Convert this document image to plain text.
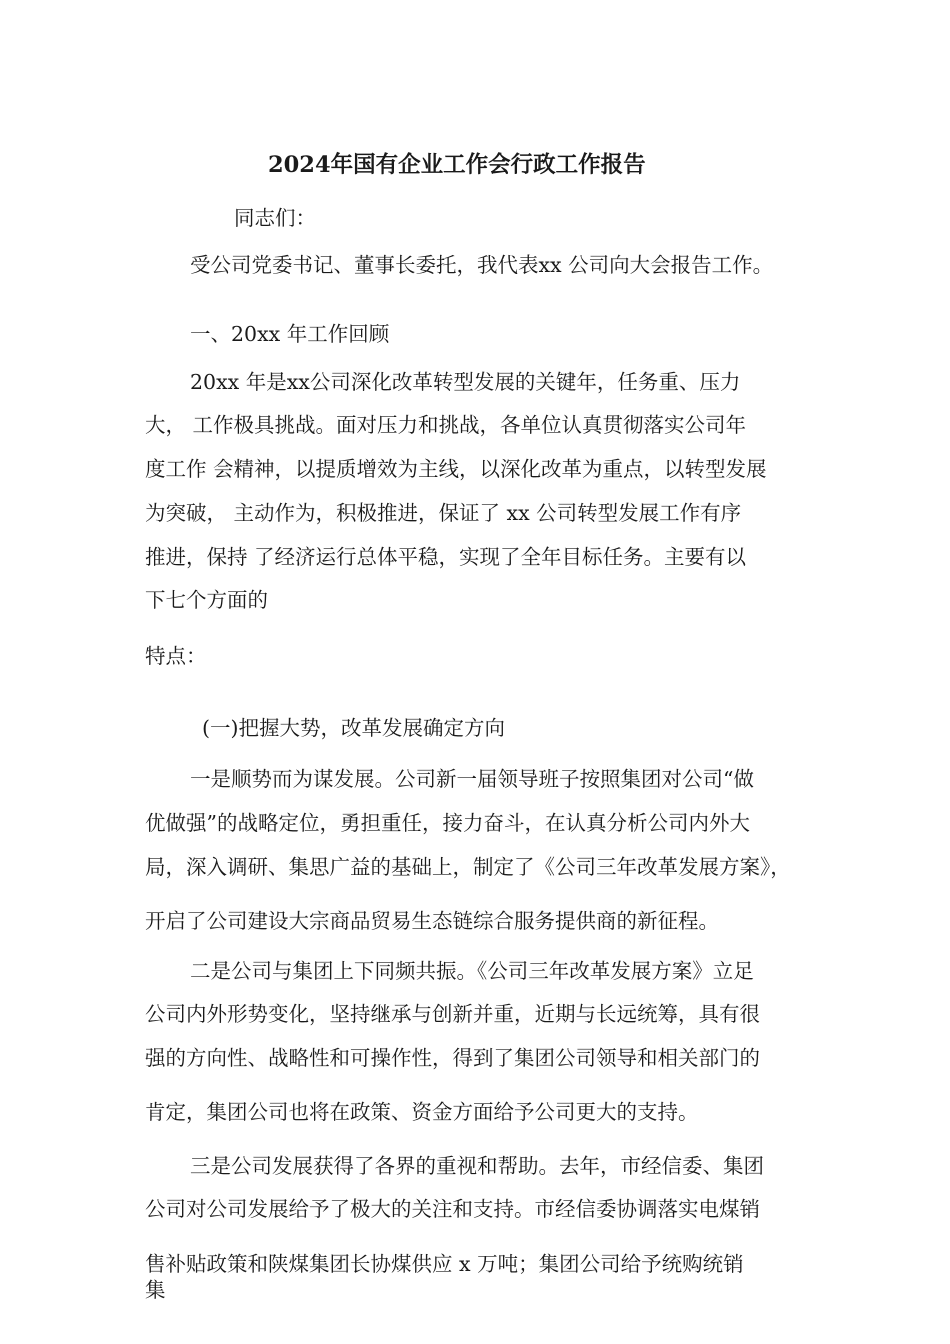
2024年国有企业工作会行政工作报告
同志们：
受公司党委书记、董事长委托，我代表xx 公司向大会报告工作。
一、20xx 年工作回顾
20xx 年是xx公司深化改革转型发展的关键年，任务重、压力
大， 工作极具挑战。面对压力和挑战，各单位认真贯彻落实公司年
度工作 会精神，以提质增效为主线，以深化改革为重点，以转型发展
为突破， 主动作为，积极推进，保证了 xx 公司转型发展工作有序
推进，保持 了经济运行总体平稳，实现了全年目标任务。主要有以
下七个方面的
特点：
(一)把握大势，改革发展确定方向
一是顺势而为谋发展。公司新一届领导班子按照集团对公司“做
优做强”的战略定位，勇担重任，接力奋斗，在认真分析公司内外大
局，深入调研、集思广益的基础上，制定了《公司三年改革发展方案》，
开启了公司建设大宗商品贸易生态链综合服务提供商的新征程。
二是公司与集团上下同频共振。《公司三年改革发展方案》立足
公司内外形势变化，坚持继承与创新并重，近期与长远统筹，具有很
强的方向性、战略性和可操作性，得到了集团公司领导和相关部门的
肯定，集团公司也将在政策、资金方面给予公司更大的支持。
三是公司发展获得了各界的重视和帮助。去年，市经信委、集团
公司对公司发展给予了极大的关注和支持。市经信委协调落实电煤销
售补贴政策和陕煤集团长协煤供应 x 万吨；集团公司给予统购统销
集
